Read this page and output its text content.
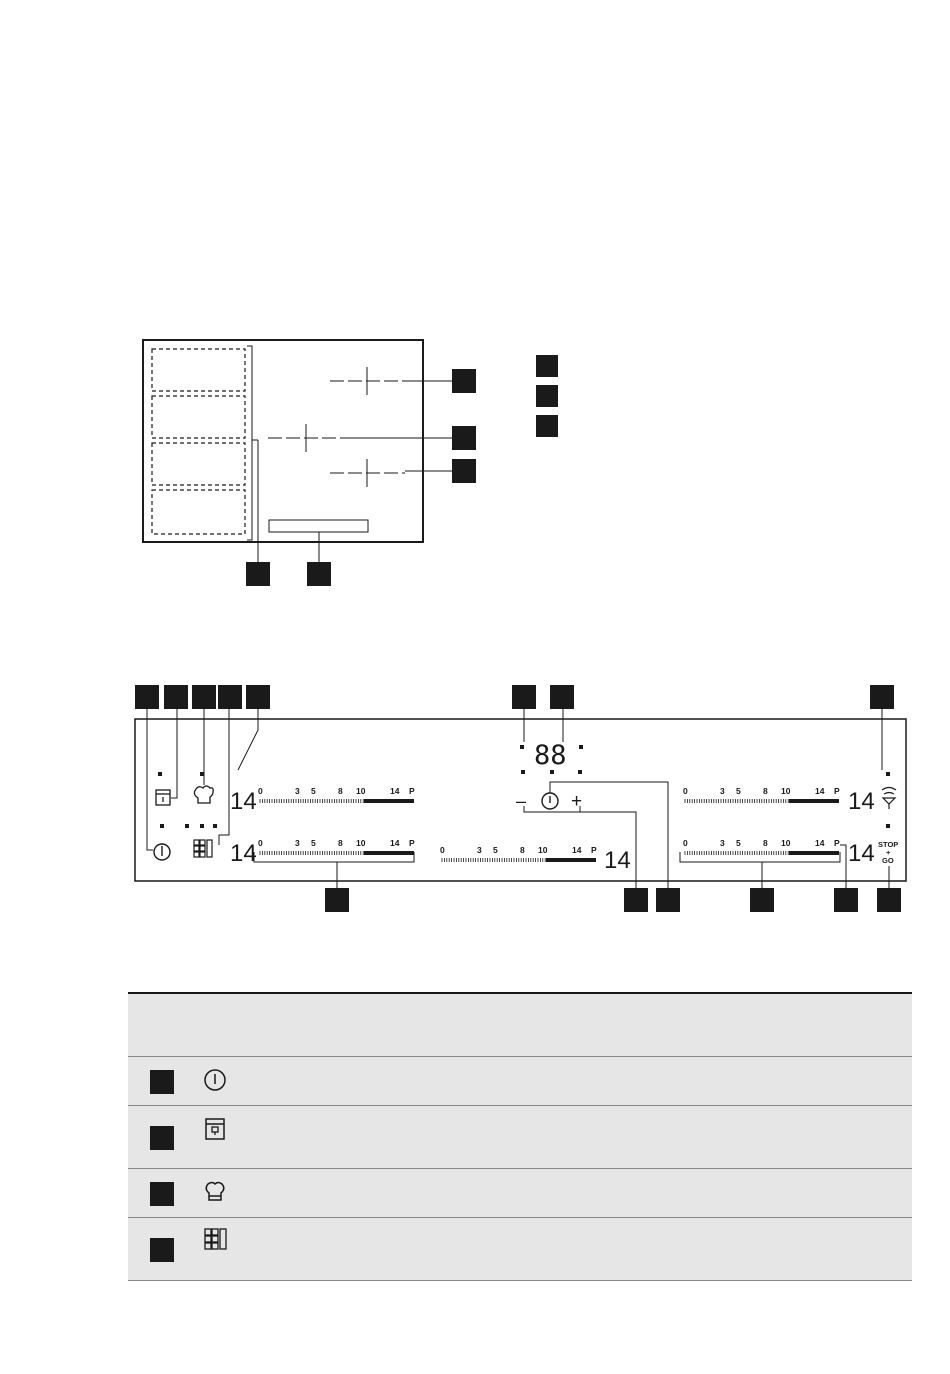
88
– +
STOP
+
GO
0	3 5	8 10	14 P
14
0	3 5	8 10	14 P
14	0	3 5	8 10	14 P 14
0	3 5	8 10	14 P 14
0	3 5	8 10	14 P 14
